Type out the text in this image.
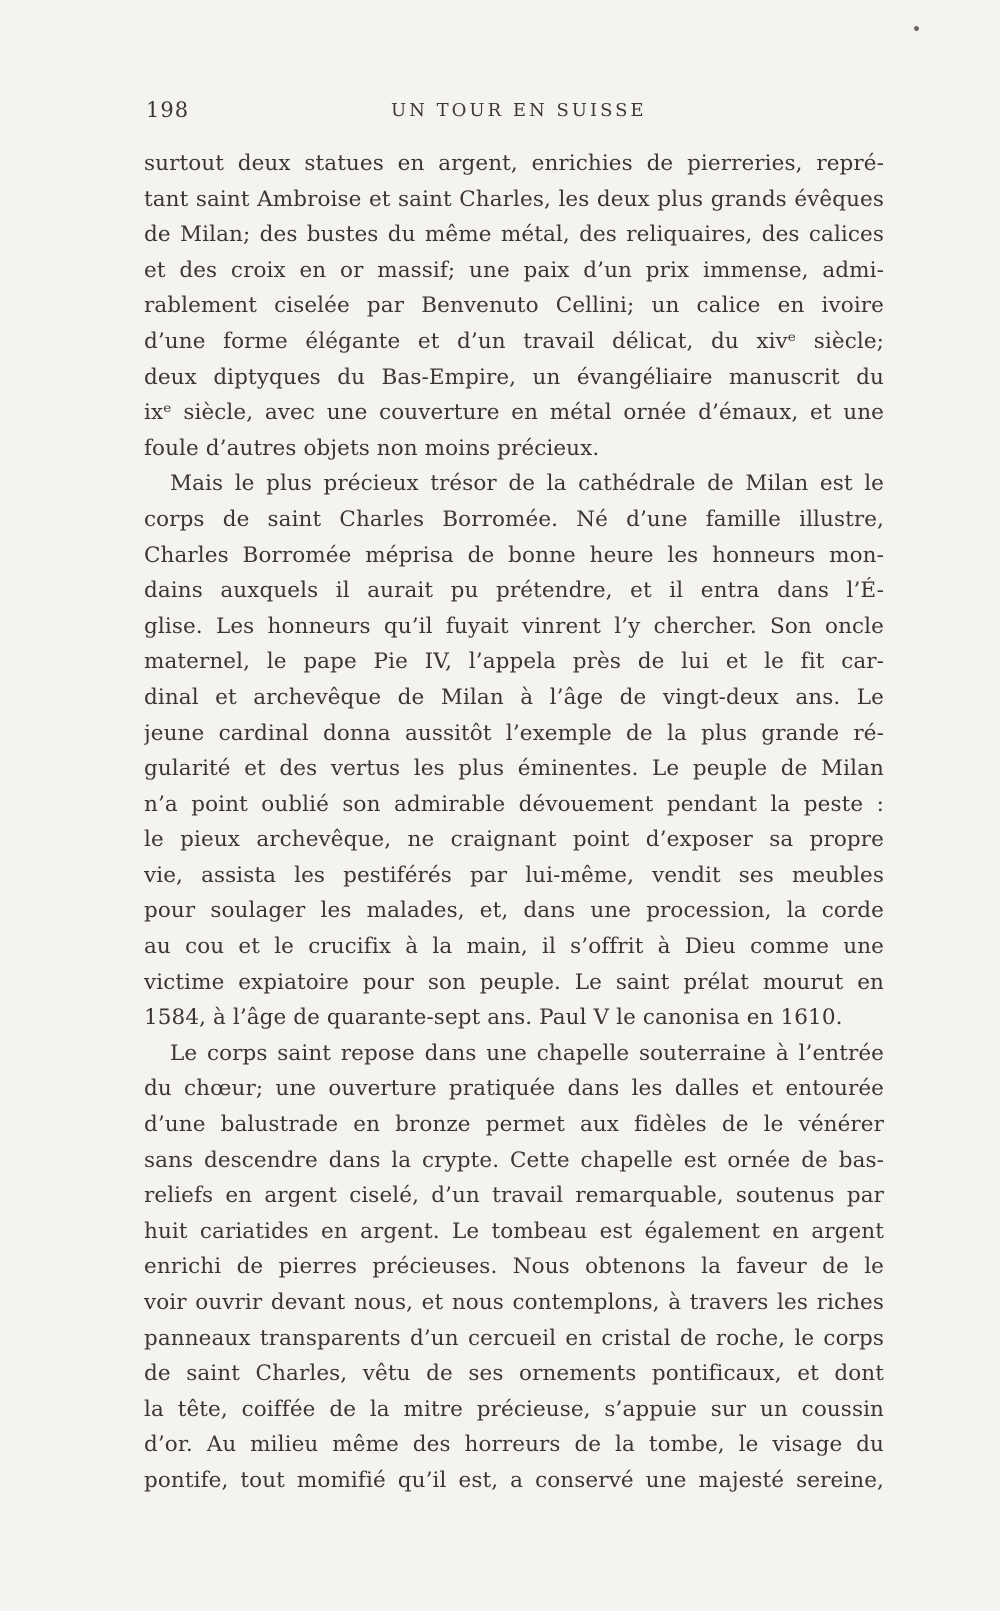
198	UN TOUR EN SUISSE
surtout deux statues en argent, enrichies de pierreries, repré-
tant saint Ambroise et saint Charles, les deux plus grands évêques
de Milan; des bustes du même métal, des reliquaires, des calices
et des croix en or massif; une paix d’un prix immense, admi-
rablement ciselée par Benvenuto Cellini; un calice en ivoire
d’une forme élégante et d’un travail délicat, du xivᵉ siècle;
deux diptyques du Bas-Empire, un évangéliaire manuscrit du
ixᵉ siècle, avec une couverture en métal ornée d’émaux, et une
foule d’autres objets non moins précieux.
Mais le plus précieux trésor de la cathédrale de Milan est le
corps de saint Charles Borromée. Né d’une famille illustre,
Charles Borromée méprisa de bonne heure les honneurs mon-
dains auxquels il aurait pu prétendre, et il entra dans l’É-
glise. Les honneurs qu’il fuyait vinrent l’y chercher. Son oncle
maternel, le pape Pie IV, l’appela près de lui et le fit car-
dinal et archevêque de Milan à l’âge de vingt-deux ans. Le
jeune cardinal donna aussitôt l’exemple de la plus grande ré-
gularité et des vertus les plus éminentes. Le peuple de Milan
n’a point oublié son admirable dévouement pendant la peste :
le pieux archevêque, ne craignant point d’exposer sa propre
vie, assista les pestiférés par lui-même, vendit ses meubles
pour soulager les malades, et, dans une procession, la corde
au cou et le crucifix à la main, il s’offrit à Dieu comme une
victime expiatoire pour son peuple. Le saint prélat mourut en
1584, à l’âge de quarante-sept ans. Paul V le canonisa en 1610.
Le corps saint repose dans une chapelle souterraine à l’entrée
du chœur; une ouverture pratiquée dans les dalles et entourée
d’une balustrade en bronze permet aux fidèles de le vénérer
sans descendre dans la crypte. Cette chapelle est ornée de bas-
reliefs en argent ciselé, d’un travail remarquable, soutenus par
huit cariatides en argent. Le tombeau est également en argent
enrichi de pierres précieuses. Nous obtenons la faveur de le
voir ouvrir devant nous, et nous contemplons, à travers les riches
panneaux transparents d’un cercueil en cristal de roche, le corps
de saint Charles, vêtu de ses ornements pontificaux, et dont
la tête, coiffée de la mitre précieuse, s’appuie sur un coussin
d’or. Au milieu même des horreurs de la tombe, le visage du
pontife, tout momifié qu’il est, a conservé une majesté sereine,
